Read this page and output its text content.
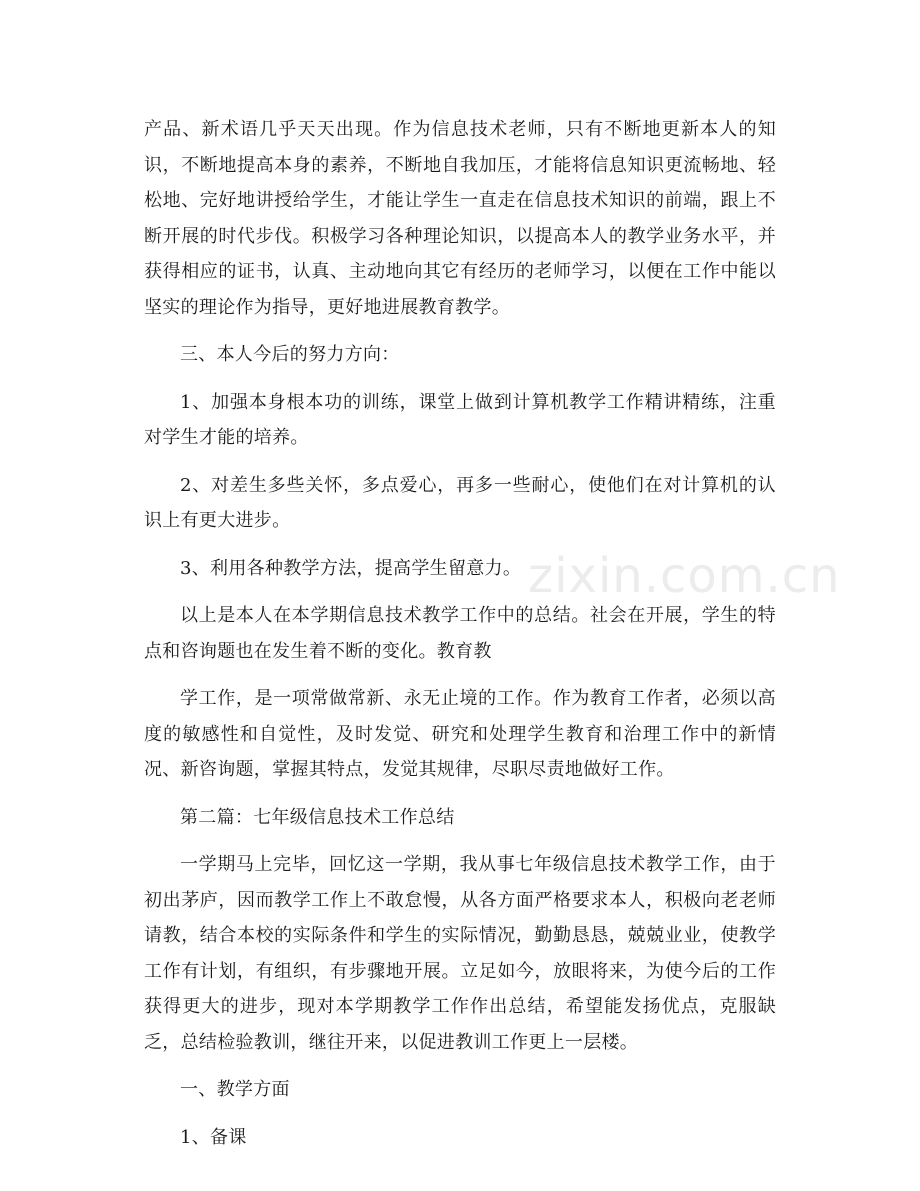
zixin.com.cn

产品、新术语几乎天天出现。作为信息技术老师，只有不断地更新本人的知识，不断地提高本身的素养，不断地自我加压，才能将信息知识更流畅地、轻松地、完好地讲授给学生，才能让学生一直走在信息技术知识的前端，跟上不断开展的时代步伐。积极学习各种理论知识，以提高本人的教学业务水平，并获得相应的证书，认真、主动地向其它有经历的老师学习，以便在工作中能以坚实的理论作为指导，更好地进展教育教学。

三、本人今后的努力方向：

1、加强本身根本功的训练，课堂上做到计算机教学工作精讲精练，注重对学生才能的培养。

2、对差生多些关怀，多点爱心，再多一些耐心，使他们在对计算机的认识上有更大进步。

3、利用各种教学方法，提高学生留意力。

以上是本人在本学期信息技术教学工作中的总结。社会在开展，学生的特点和咨询题也在发生着不断的变化。教育教

学工作，是一项常做常新、永无止境的工作。作为教育工作者，必须以高度的敏感性和自觉性，及时发觉、研究和处理学生教育和治理工作中的新情况、新咨询题，掌握其特点，发觉其规律，尽职尽责地做好工作。

第二篇：七年级信息技术工作总结

一学期马上完毕，回忆这一学期，我从事七年级信息技术教学工作，由于初出茅庐，因而教学工作上不敢怠慢，从各方面严格要求本人，积极向老老师请教，结合本校的实际条件和学生的实际情况，勤勤恳恳，兢兢业业，使教学工作有计划，有组织，有步骤地开展。立足如今，放眼将来，为使今后的工作获得更大的进步，现对本学期教学工作作出总结，希望能发扬优点，克服缺乏，总结检验教训，继往开来，以促进教训工作更上一层楼。

一、教学方面

1、备课
